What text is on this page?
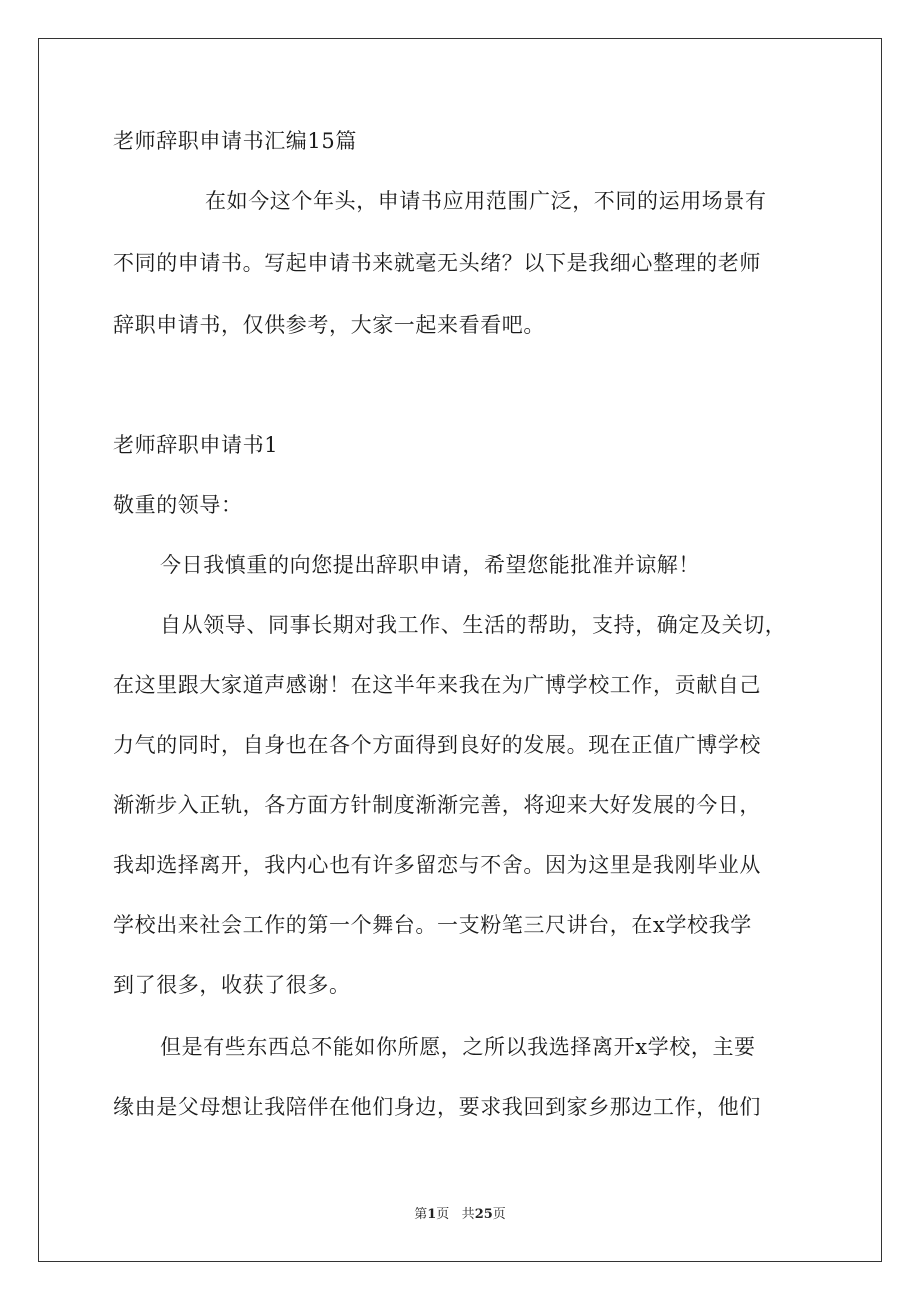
老师辞职申请书汇编15篇
在如今这个年头，申请书应用范围广泛，不同的运用场景有
不同的申请书。写起申请书来就毫无头绪？以下是我细心整理的老师
辞职申请书，仅供参考，大家一起来看看吧。
老师辞职申请书1
敬重的领导：
今日我慎重的向您提出辞职申请，希望您能批准并谅解！
自从领导、同事长期对我工作、生活的帮助，支持，确定及关切，
在这里跟大家道声感谢！在这半年来我在为广博学校工作，贡献自己
力气的同时，自身也在各个方面得到良好的发展。现在正值广博学校
渐渐步入正轨，各方面方针制度渐渐完善，将迎来大好发展的今日，
我却选择离开，我内心也有许多留恋与不舍。因为这里是我刚毕业从
学校出来社会工作的第一个舞台。一支粉笔三尺讲台，在x学校我学
到了很多，收获了很多。
但是有些东西总不能如你所愿，之所以我选择离开x学校，主要
缘由是父母想让我陪伴在他们身边，要求我回到家乡那边工作，他们
第1页 共25页
